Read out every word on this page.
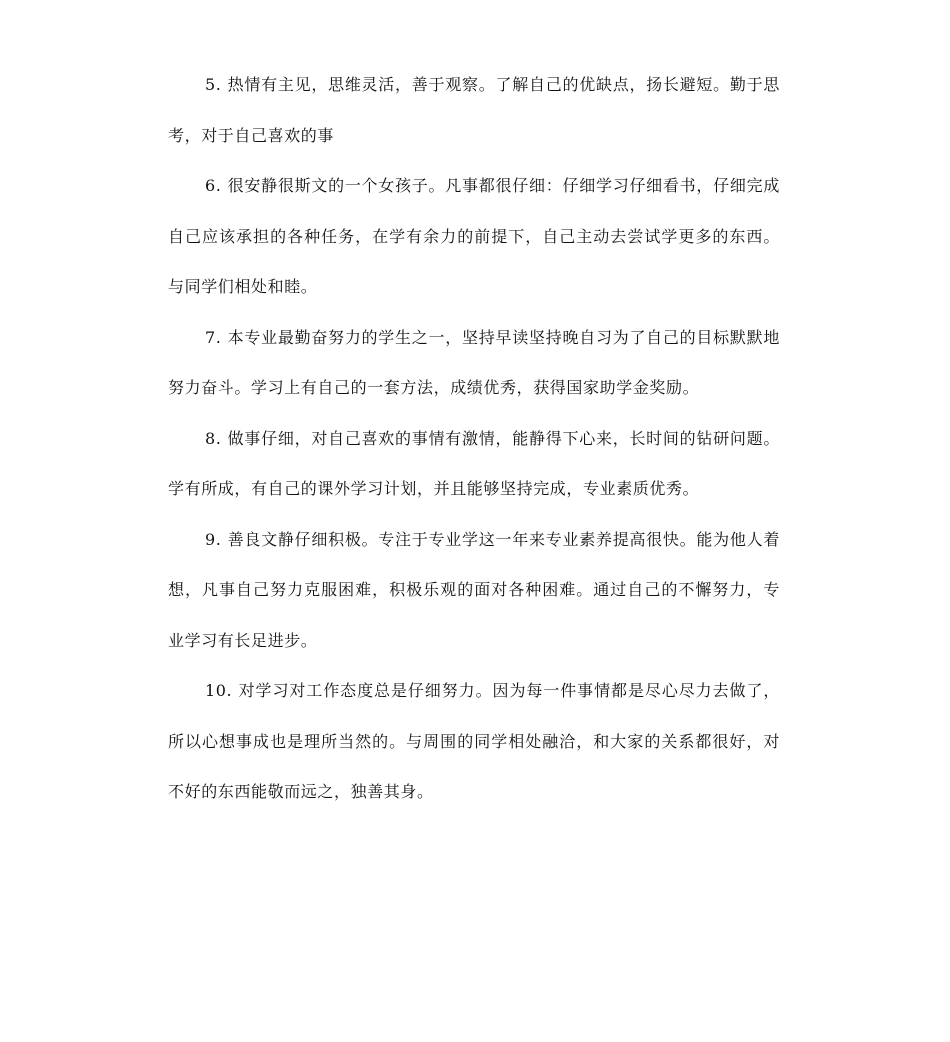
5. 热情有主见，思维灵活，善于观察。了解自己的优缺点，扬长避短。勤于思考，对于自己喜欢的事

6. 很安静很斯文的一个女孩子。凡事都很仔细：仔细学习仔细看书，仔细完成自己应该承担的各种任务，在学有余力的前提下，自己主动去尝试学更多的东西。与同学们相处和睦。

7. 本专业最勤奋努力的学生之一，坚持早读坚持晚自习为了自己的目标默默地努力奋斗。学习上有自己的一套方法，成绩优秀，获得国家助学金奖励。

8. 做事仔细，对自己喜欢的事情有激情，能静得下心来，长时间的钻研问题。学有所成，有自己的课外学习计划，并且能够坚持完成，专业素质优秀。

9. 善良文静仔细积极。专注于专业学这一年来专业素养提高很快。能为他人着想，凡事自己努力克服困难，积极乐观的面对各种困难。通过自己的不懈努力，专业学习有长足进步。

10. 对学习对工作态度总是仔细努力。因为每一件事情都是尽心尽力去做了，所以心想事成也是理所当然的。与周围的同学相处融洽，和大家的关系都很好，对不好的东西能敬而远之，独善其身。
